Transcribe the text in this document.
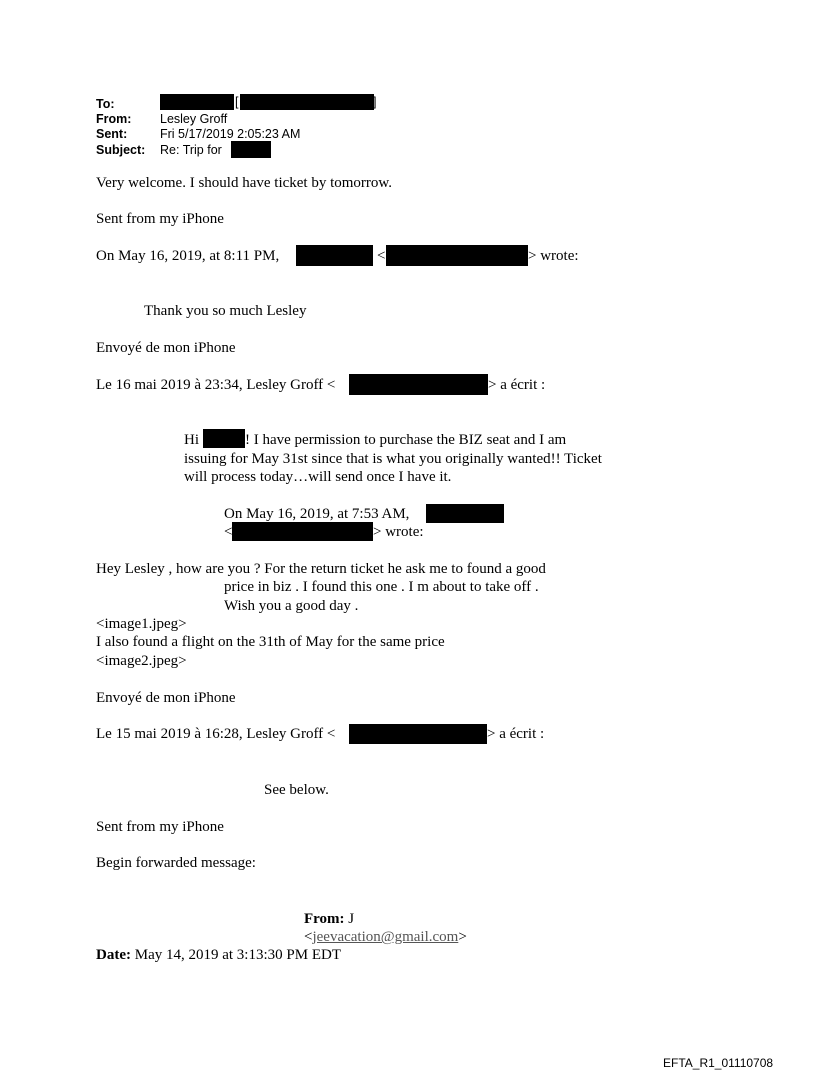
To:	[	]
From: Lesley Groff
Sent:	Fri 5/17/2019 2:05:23 AM
Subject: Re: Trip for
Very welcome. I should have ticket by tomorrow.
Sent from my iPhone
On May 16, 2019, at 8:11 PM,	<	> wrote:
Thank you so much Lesley
Envoyé de mon iPhone
Le 16 mai 2019 à 23:34, Lesley Groff <	> a écrit :
Hi	! I have permission to purchase the BIZ seat and I am
issuing for May 31st since that is what you originally wanted!! Ticket
will process today…will send once I have it.
On May 16, 2019, at 7:53 AM,
<	> wrote:
Hey Lesley , how are you ? For the return ticket he ask me to found a good
price in biz . I found this one . I m about to take off .
Wish you a good day .
<image1.jpeg>
I also found a flight on the 31th of May for the same price
<image2.jpeg>
Envoyé de mon iPhone
Le 15 mai 2019 à 16:28, Lesley Groff <	> a écrit :
See below.
Sent from my iPhone
Begin forwarded message:
From: J
<jeevacation@gmail.com>
Date: May 14, 2019 at 3:13:30 PM EDT
EFTA_R1_01110708
